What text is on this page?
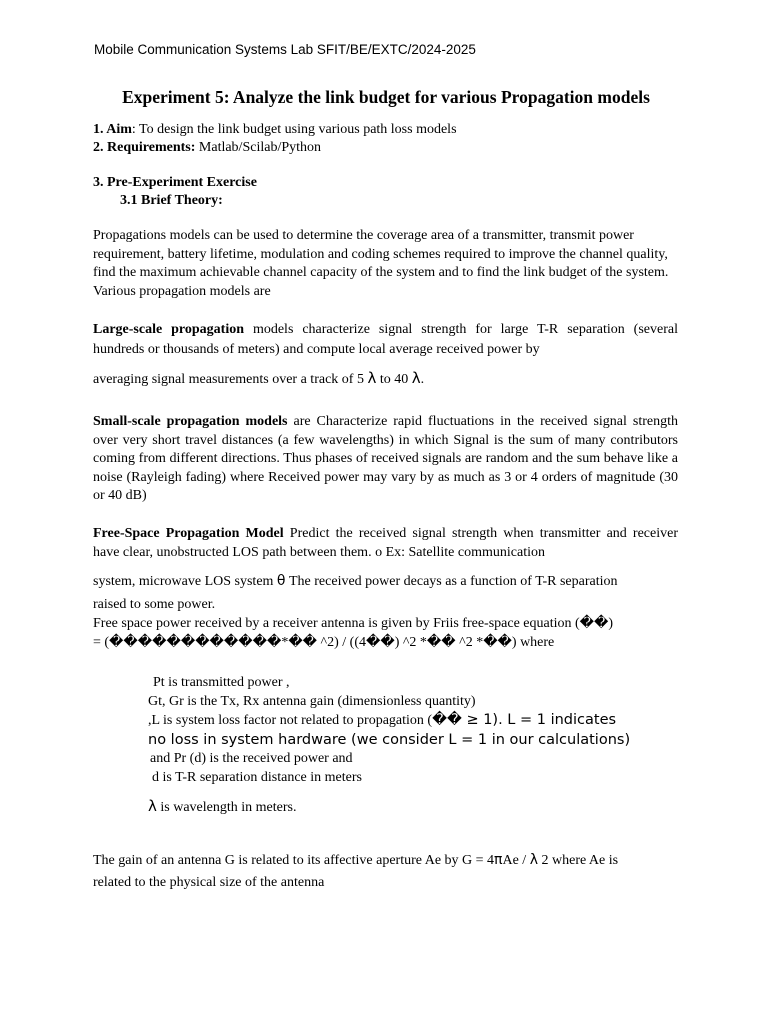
Mobile Communication Systems Lab SFIT/BE/EXTC/2024-2025
Experiment 5: Analyze the link budget for various Propagation models
1. Aim: To design the link budget using various path loss models
2. Requirements: Matlab/Scilab/Python
3. Pre-Experiment Exercise
3.1 Brief Theory:
Propagations models can be used to determine the coverage area of a transmitter, transmit power requirement, battery lifetime, modulation and coding schemes required to improve the channel quality, find the maximum achievable channel capacity of the system and to find the link budget of the system. Various propagation models are
Large-scale propagation models characterize signal strength for large T-R separation (several hundreds or thousands of meters) and compute local average received power by
averaging signal measurements over a track of 5 λ to 40 λ.
Small-scale propagation models are Characterize rapid fluctuations in the received signal strength over very short travel distances (a few wavelengths) in which Signal is the sum of many contributors coming from different directions. Thus phases of received signals are random and the sum behave like a noise (Rayleigh fading) where Received power may vary by as much as 3 or 4 orders of magnitude (30 or 40 dB)
Free-Space Propagation Model Predict the received signal strength when transmitter and receiver have clear, unobstructed LOS path between them. o Ex: Satellite communication
system, microwave LOS system θ The received power decays as a function of T-R separation
raised to some power.
Free space power received by a receiver antenna is given by Friis free-space equation (��)
= (������������*�� ^2) / ((4��) ^2 *�� ^2 *��) where
Pt is transmitted power ,
Gt, Gr is the Tx, Rx antenna gain (dimensionless quantity)
,L is system loss factor not related to propagation (�� ≥ 1). L = 1 indicates
no loss in system hardware (we consider L = 1 in our calculations)
and Pr (d) is the received power and
d is T-R separation distance in meters
λ is wavelength in meters.
The gain of an antenna G is related to its affective aperture Ae by G = 4πAe / λ 2 where Ae is
related to the physical size of the antenna
